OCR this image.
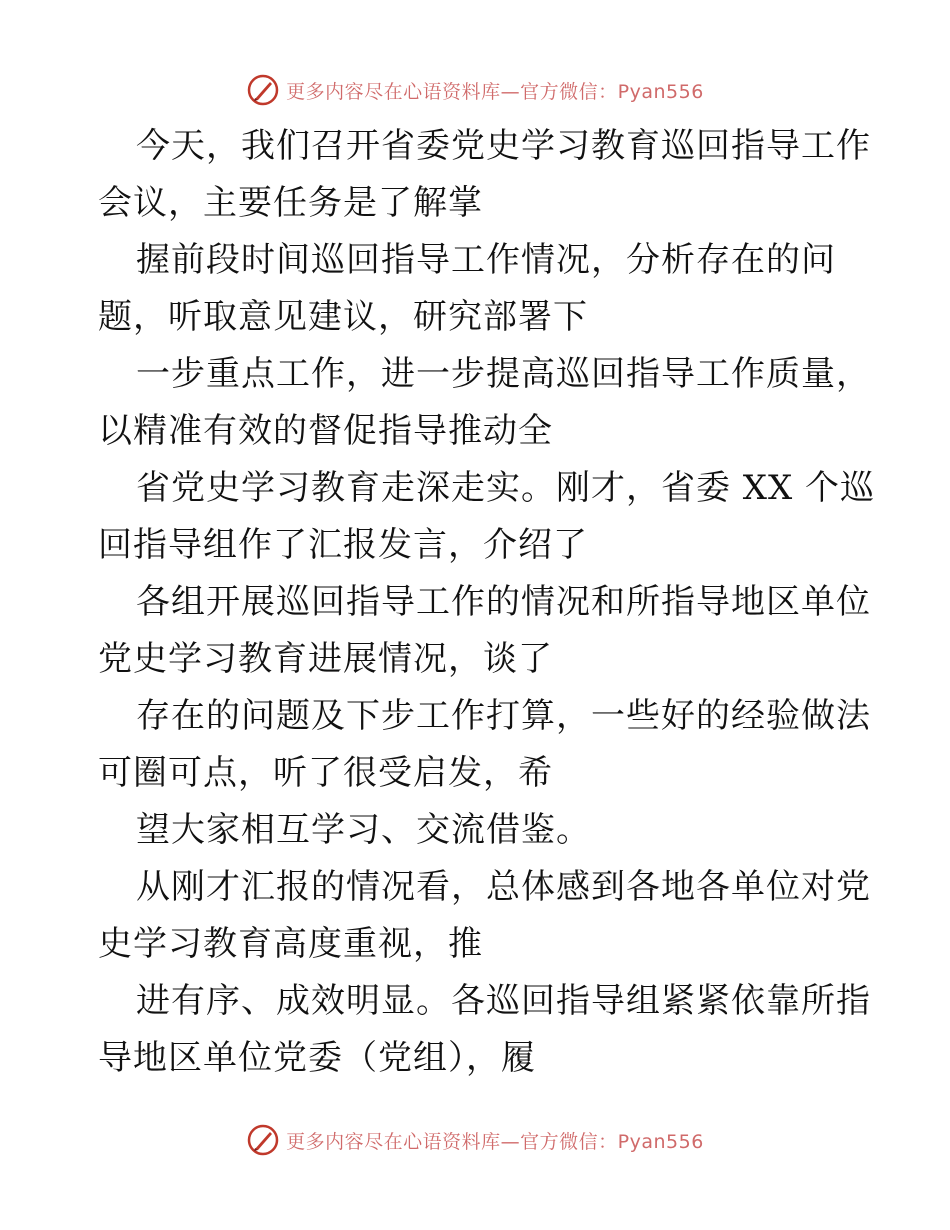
更多内容尽在心语资料库—官方微信：Pyan556
今天，我们召开省委党史学习教育巡回指导工作
会议，主要任务是了解掌
握前段时间巡回指导工作情况，分析存在的问
题，听取意见建议，研究部署下
一步重点工作，进一步提高巡回指导工作质量，
以精准有效的督促指导推动全
省党史学习教育走深走实。刚才，省委 XX 个巡
回指导组作了汇报发言，介绍了
各组开展巡回指导工作的情况和所指导地区单位
党史学习教育进展情况，谈了
存在的问题及下步工作打算，一些好的经验做法
可圈可点，听了很受启发，希
望大家相互学习、交流借鉴。
从刚才汇报的情况看，总体感到各地各单位对党
史学习教育高度重视，推
进有序、成效明显。各巡回指导组紧紧依靠所指
导地区单位党委（党组），履
更多内容尽在心语资料库—官方微信：Pyan556
